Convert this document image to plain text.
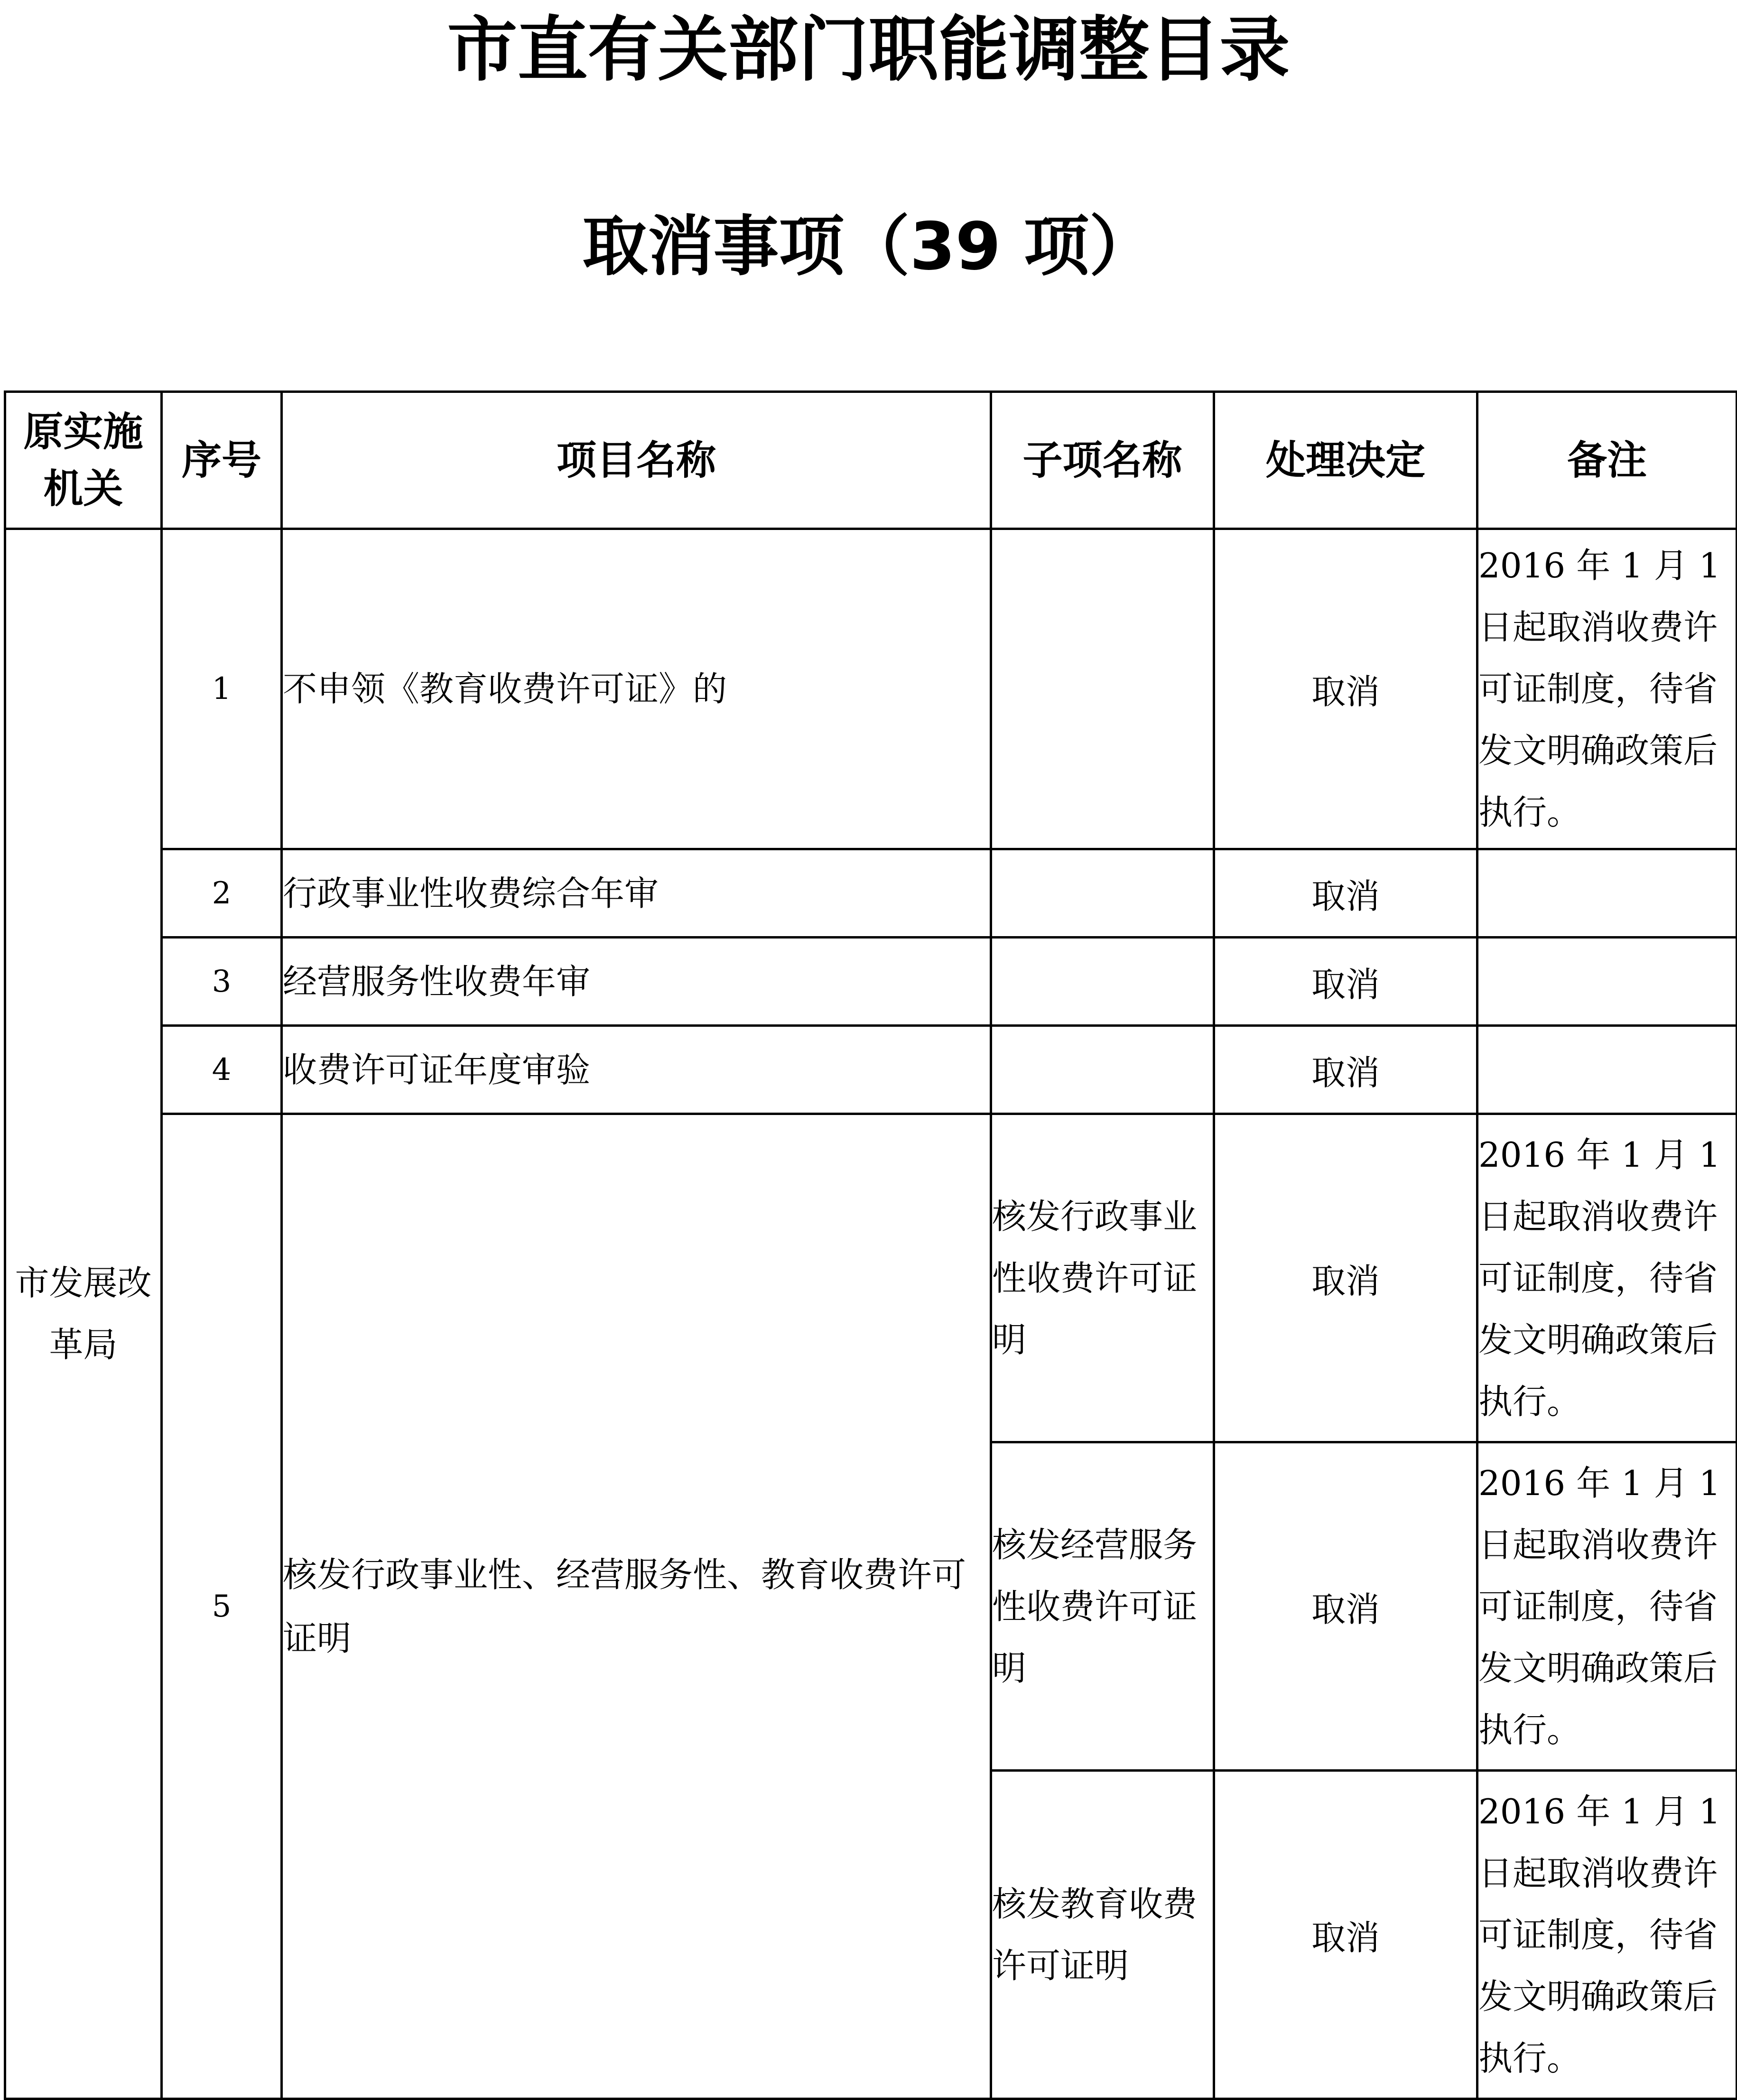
市直有关部门职能调整目录
取消事项（39 项）
原实施机关	序号	项目名称	子项名称	处理决定	备注
市发展改革局	1	不申领《教育收费许可证》的		取消	2016 年 1 月 1 日起取消收费许可证制度，待省发文明确政策后执行。
	2	行政事业性收费综合年审		取消	
	3	经营服务性收费年审		取消	
	4	收费许可证年度审验		取消	
	5	核发行政事业性、经营服务性、教育收费许可证明	核发行政事业性收费许可证明	取消	2016 年 1 月 1 日起取消收费许可证制度，待省发文明确政策后执行。
			核发经营服务性收费许可证明	取消	2016 年 1 月 1 日起取消收费许可证制度，待省发文明确政策后执行。
			核发教育收费许可证明	取消	2016 年 1 月 1 日起取消收费许可证制度，待省发文明确政策后执行。
